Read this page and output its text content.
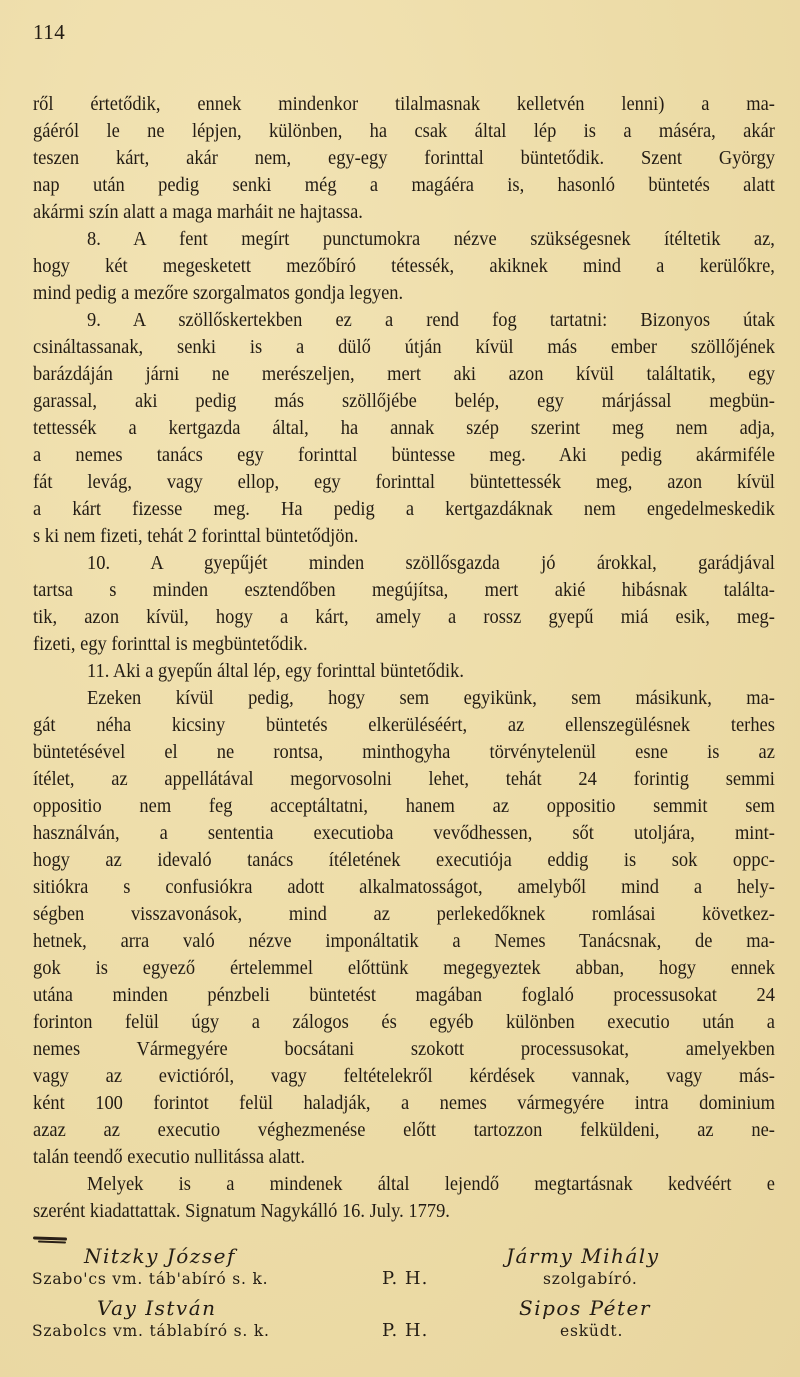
114
ről értetődik, ennek mindenkor tilalmasnak kelletvén lenni) a ma-
gáéról le ne lépjen, különben, ha csak által lép is a máséra, akár
teszen kárt, akár nem, egy-egy forinttal büntetődik. Szent György
nap után pedig senki még a magáéra is, hasonló büntetés alatt
akármi szín alatt a maga marháit ne hajtassa.
8. A fent megírt punctumokra nézve szükségesnek ítéltetik az,
hogy két megesketett mezőbíró tétessék, akiknek mind a kerülőkre,
mind pedig a mezőre szorgalmatos gondja legyen.
9. A szöllőskertekben ez a rend fog tartatni: Bizonyos útak
csináltassanak, senki is a dülő útján kívül más ember szöllőjének
barázdáján járni ne merészeljen, mert aki azon kívül találtatik, egy
garassal, aki pedig más szöllőjébe belép, egy márjással megbün-
tettessék a kertgazda által, ha annak szép szerint meg nem adja,
a nemes tanács egy forinttal büntesse meg. Aki pedig akármiféle
fát levág, vagy ellop, egy forinttal büntettessék meg, azon kívül
a kárt fizesse meg. Ha pedig a kertgazdáknak nem engedelmeskedik
s ki nem fizeti, tehát 2 forinttal büntetődjön.
10. A gyepűjét minden szöllősgazda jó árokkal, garádjával
tartsa s minden esztendőben megújítsa, mert akié hibásnak találta-
tik, azon kívül, hogy a kárt, amely a rossz gyepű miá esik, meg-
fizeti, egy forinttal is megbüntetődik.
11. Aki a gyepűn által lép, egy forinttal büntetődik.
Ezeken kívül pedig, hogy sem egyikünk, sem másikunk, ma-
gát néha kicsiny büntetés elkerüléséért, az ellenszegülésnek terhes
büntetésével el ne rontsa, minthogyha törvénytelenül esne is az
ítélet, az appellátával megorvosolni lehet, tehát 24 forintig semmi
oppositio nem feg acceptáltatni, hanem az oppositio semmit sem
használván, a sententia executioba vevődhessen, sőt utoljára, mint-
hogy az idevaló tanács ítéletének executiója eddig is sok oppc-
sitiókra s confusiókra adott alkalmatosságot, amelyből mind a hely-
ségben visszavonások, mind az perlekedőknek romlásai következ-
hetnek, arra való nézve imponáltatik a Nemes Tanácsnak, de ma-
gok is egyező értelemmel előttünk megegyeztek abban, hogy ennek
utána minden pénzbeli büntetést magában foglaló processusokat 24
forinton felül úgy a zálogos és egyéb különben executio után a
nemes Vármegyére bocsátani szokott processusokat, amelyekben
vagy az evictióról, vagy feltételekről kérdések vannak, vagy más-
ként 100 forintot felül haladják, a nemes vármegyére intra dominium
azaz az executio véghezmenése előtt tartozzon felküldeni, az ne-
talán teendő executio nullitássa alatt.
Melyek is a mindenek által lejendő megtartásnak kedvéért e
szerént kiadattattak. Signatum Nagykálló 16. July. 1779.
Nitzky József
Szabo'cs vm. táb'abíró s. k.	P. H.
Jármy Mihály
szolgabíró.
Vay István
Szabolcs vm. táblabíró s. k.	P. H.
Sipos Péter
esküdt.
